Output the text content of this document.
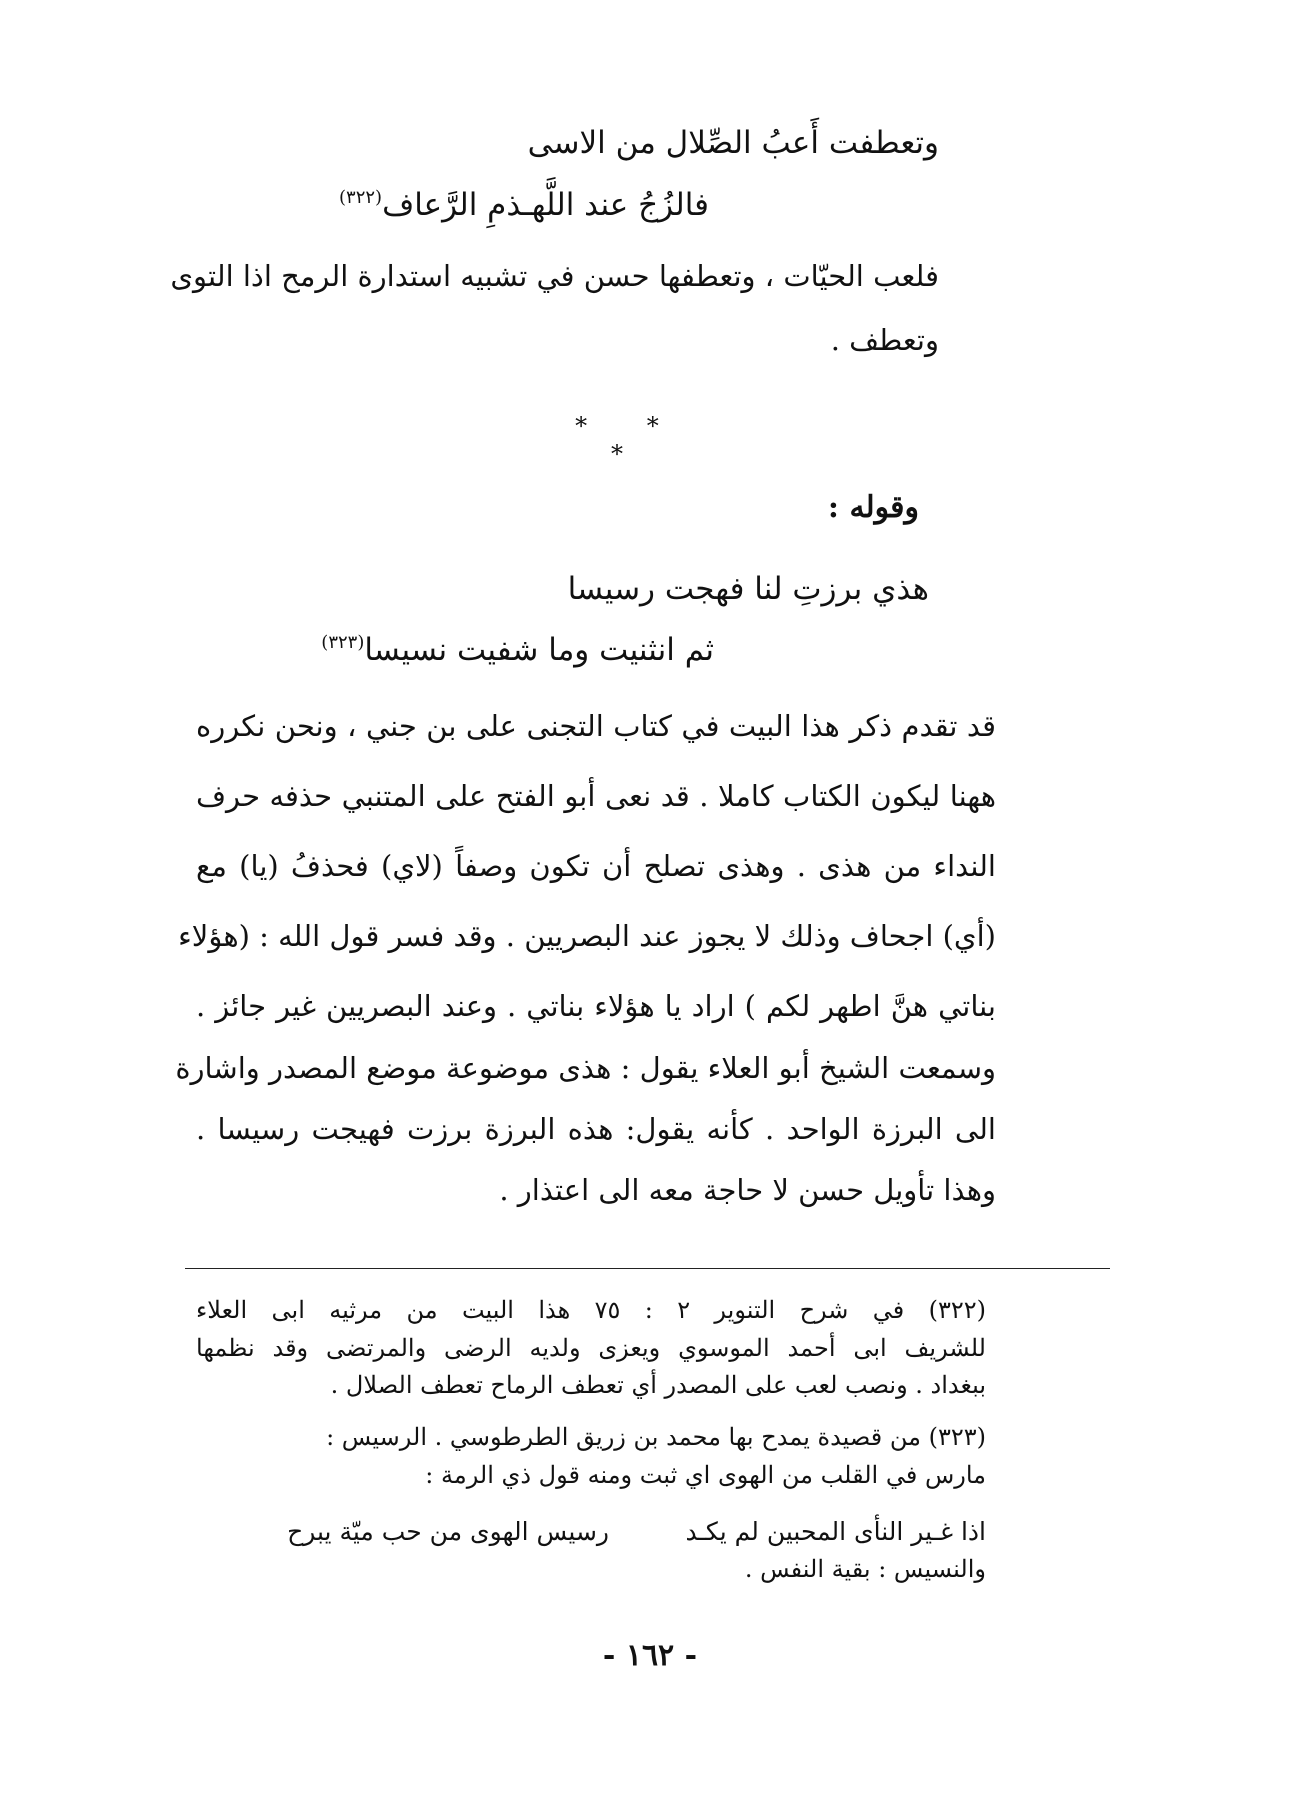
وتعطفت أَعبُ الصِّلال من الاسى
فالزُجُ عند اللَّهـذمِ الرَّعاف$^{(٣٢٢)}$
فلعب الحيّات ، وتعطفها حسن في تشبيه استدارة الرمح اذا التوى
وتعطف .
* * *
وقوله :
هذي برزتِ لنا فهجت رسيسا
ثم انثنيت وما شفيت نسيسا$^{(٣٢٣)}$
قد تقدم ذكر هذا البيت في كتاب التجنى على بن جني ، ونحن نكرره
ههنا ليكون الكتاب كاملا . قد نعى أبو الفتح على المتنبي حذفه حرف
النداء من هذى . وهذى تصلح أن تكون وصفاً (لاي) فحذفُ (يا) مع
(أي) اجحاف وذلك لا يجوز عند البصريين . وقد فسر قول الله : (هؤلاء
بناتي هنَّ اطهر لكم ) اراد يا هؤلاء بناتي . وعند البصريين غير جائز .
وسمعت الشيخ أبو العلاء يقول : هذى موضوعة موضع المصدر واشارة
الى البرزة الواحد . كأنه يقول: هذه البرزة برزت فهيجت رسيسا .
وهذا تأويل حسن لا حاجة معه الى اعتذار .
(٣٢٢) في شرح التنوير ٢ : ٧٥ هذا البيت من مرثيه ابى العلاء
للشريف ابى أحمد الموسوي ويعزى ولديه الرضى والمرتضى وقد نظمها
ببغداد . ونصب لعب على المصدر أي تعطف الرماح تعطف الصلال .
(٣٢٣) من قصيدة يمدح بها محمد بن زريق الطرطوسي . الرسيس :
مارس في القلب من الهوى اي ثبت ومنه قول ذي الرمة :
اذا غـير النأى المحبين لم يكـد
رسيس الهوى من حب ميّة يبرح
والنسيس : بقية النفس .
- ١٦٢ -
